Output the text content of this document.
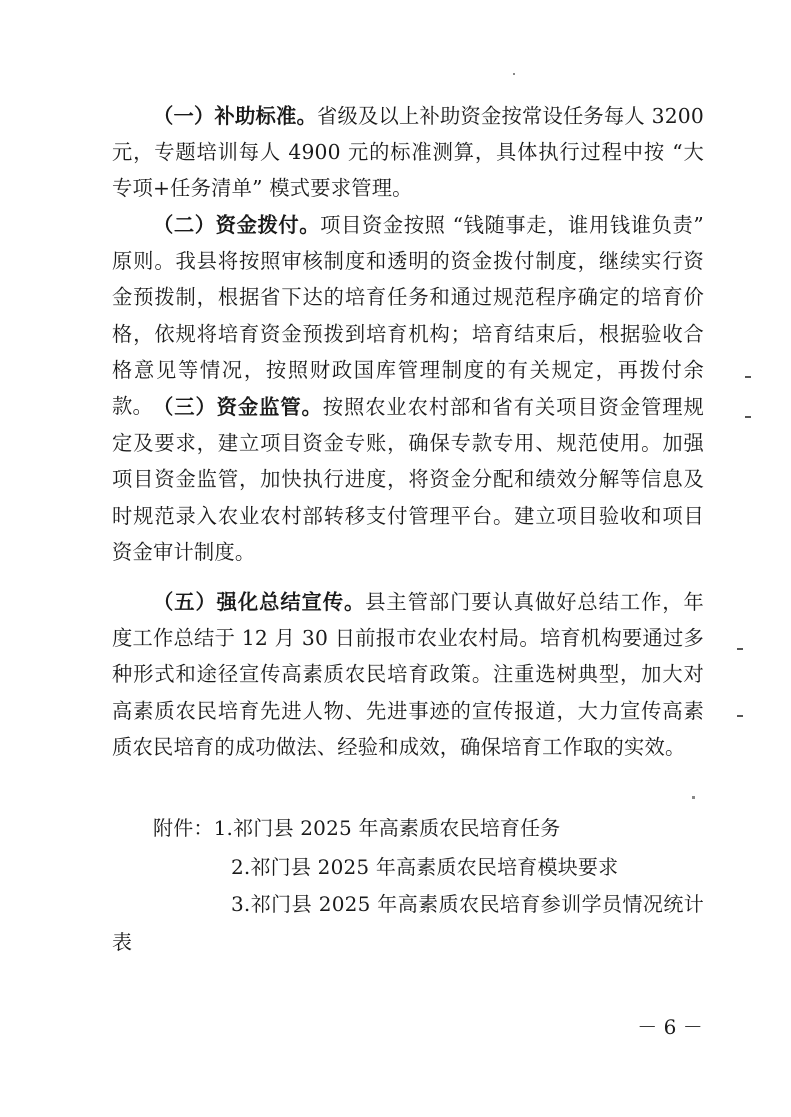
（一）补助标准。省级及以上补助资金按常设任务每人 3200 元，专题培训每人 4900 元的标准测算，具体执行过程中按 “大专项+任务清单” 模式要求管理。

（二）资金拨付。项目资金按照 “钱随事走，谁用钱谁负责” 原则。我县将按照审核制度和透明的资金拨付制度，继续实行资金预拨制，根据省下达的培育任务和通过规范程序确定的培育价格，依规将培育资金预拨到培育机构；培育结束后，根据验收合格意见等情况，按照财政国库管理制度的有关规定，再拨付余款。 （三）资金监管。按照农业农村部和省有关项目资金管理规定及要求，建立项目资金专账，确保专款专用、规范使用。加强项目资金监管，加快执行进度，将资金分配和绩效分解等信息及时规范录入农业农村部转移支付管理平台。建立项目验收和项目资金审计制度。

（五）强化总结宣传。县主管部门要认真做好总结工作，年度工作总结于 12 月 30 日前报市农业农村局。培育机构要通过多种形式和途径宣传高素质农民培育政策。注重选树典型，加大对高素质农民培育先进人物、先进事迹的宣传报道，大力宣传高素质农民培育的成功做法、经验和成效，确保培育工作取的实效。

附件：1.祁门县 2025 年高素质农民培育任务

2.祁门县 2025 年高素质农民培育模块要求

3.祁门县 2025 年高素质农民培育参训学员情况统计

表

－ 6 －
